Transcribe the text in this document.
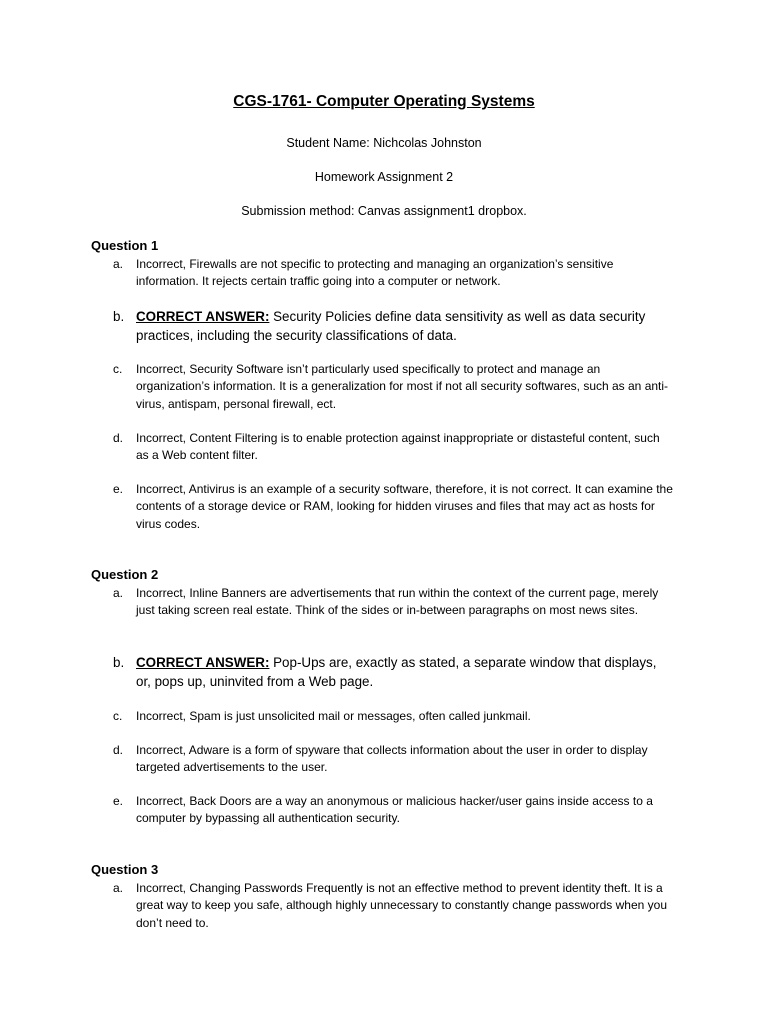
CGS-1761- Computer Operating Systems
Student Name: Nichcolas Johnston
Homework Assignment 2
Submission method: Canvas assignment1 dropbox.
Question 1
a.	Incorrect, Firewalls are not specific to protecting and managing an organization’s sensitive information. It rejects certain traffic going into a computer or network.
b. CORRECT ANSWER: Security Policies define data sensitivity as well as data security practices, including the security classifications of data.
c.	Incorrect, Security Software isn’t particularly used specifically to protect and manage an organization’s information. It is a generalization for most if not all security softwares, such as an anti-virus, antispam, personal firewall, ect.
d.	Incorrect, Content Filtering is to enable protection against inappropriate or distasteful content, such as a Web content filter.
e.	Incorrect, Antivirus is an example of a security software, therefore, it is not correct. It can examine the contents of a storage device or RAM, looking for hidden viruses and files that may act as hosts for virus codes.
Question 2
a.	Incorrect, Inline Banners are advertisements that run within the context of the current page, merely just taking screen real estate. Think of the sides or in-between paragraphs on most news sites.
b. CORRECT ANSWER: Pop-Ups are, exactly as stated, a separate window that displays, or, pops up, uninvited from a Web page.
c.	Incorrect, Spam is just unsolicited mail or messages, often called junkmail.
d.	Incorrect, Adware is a form of spyware that collects information about the user in order to display targeted advertisements to the user.
e.	Incorrect, Back Doors are a way an anonymous or malicious hacker/user gains inside access to a computer by bypassing all authentication security.
Question 3
a.	Incorrect, Changing Passwords Frequently is not an effective method to prevent identity theft. It is a great way to keep you safe, although highly unnecessary to constantly change passwords when you don’t need to.
